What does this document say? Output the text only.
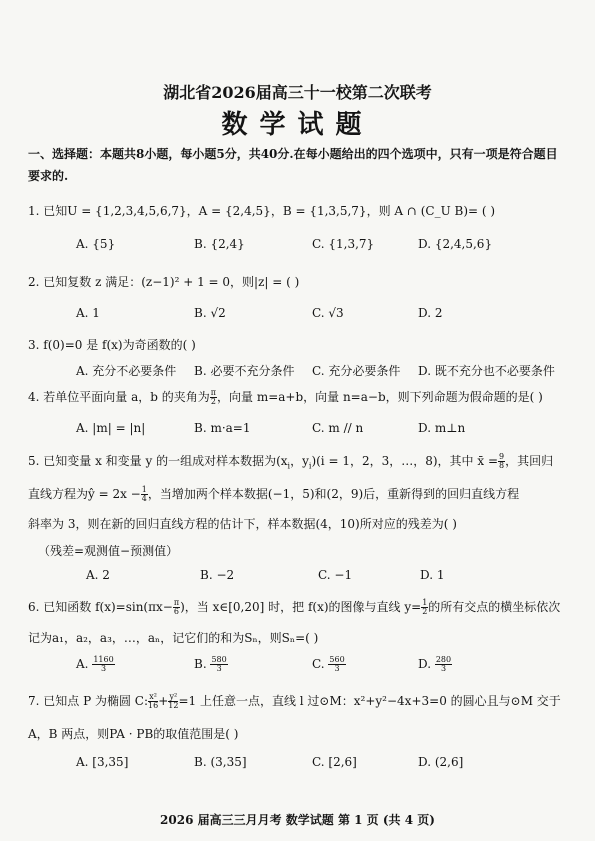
湖北省2026届高三十一校第二次联考
数学试题
一、选择题：本题共8小题，每小题5分，共40分.在每小题给出的四个选项中，只有一项是符合题目要求的.
1. 已知U = {1,2,3,4,5,6,7}，A = {2,4,5}，B = {1,3,5,7}，则 A ∩ (C_U B)= ( )
A. {5}	B. {2,4}	C. {1,3,7}	D. {2,4,5,6}
2. 已知复数 z 满足：(z−1)² + 1 = 0，则|z| = ( )
A. 1	B. √2	C. √3	D. 2
3. f(0)=0 是 f(x)为奇函数的( )
A. 充分不必要条件 B. 必要不充分条件 C. 充分必要条件 D. 既不充分也不必要条件
4. 若单位平面向量 a，b 的夹角为 $\frac{\pi}{2}$ ，向量 m=a+b，向量 n=a−b，则下列命题为假命题的是( )
A. |m| = |n|	B. m·a=1	C. m // n	D. m⊥n
5. 已知变量 x 和变量 y 的一组成对样本数据为($x_i$，$y_i)(i = 1$，2，3，…，8)，其中 x̄ = $\frac{9}{8}$ ，其回归
直线方程为ŷ = $2x - \frac{1}{4}$ ，当增加两个样本数据(−1，5)和(2，9)后，重新得到的回归直线方程
斜率为 3，则在新的回归直线方程的估计下，样本数据(4，10)所对应的残差为( )
（残差=观测值−预测值）
A. 2	B. −2	C. −1	D. 1
6. 已知函数 $f(x)=\sin(\pi x- \frac{\pi}{6}$ )，当 x∈[0,20] 时，把 f(x)的图像与直线 $y= \frac{1}{2}$ 的所有交点的横坐标依次
记为a₁，a₂，a₃，…，aₙ，记它们的和为Sₙ，则Sₙ=( )
A. $\frac{1160}{3}$	B. $\frac{580}{3}$	C. $\frac{560}{3}$	D. $\frac{280}{3}$
7. 已知点 P 为椭圆 C: $\frac{\text{x²}}{16} + \frac{\text{y²}}{12} =1$ 上任意一点，直线 l 过⊙M：x²+y²−4x+3=0 的圆心且与⊙M 交于
A，B 两点，则PA · PB的取值范围是( )
A. [3,35]	B. (3,35]	C. [2,6]	D. (2,6]
2026 届高三三月月考 数学试题 第 1 页 (共 4 页)
